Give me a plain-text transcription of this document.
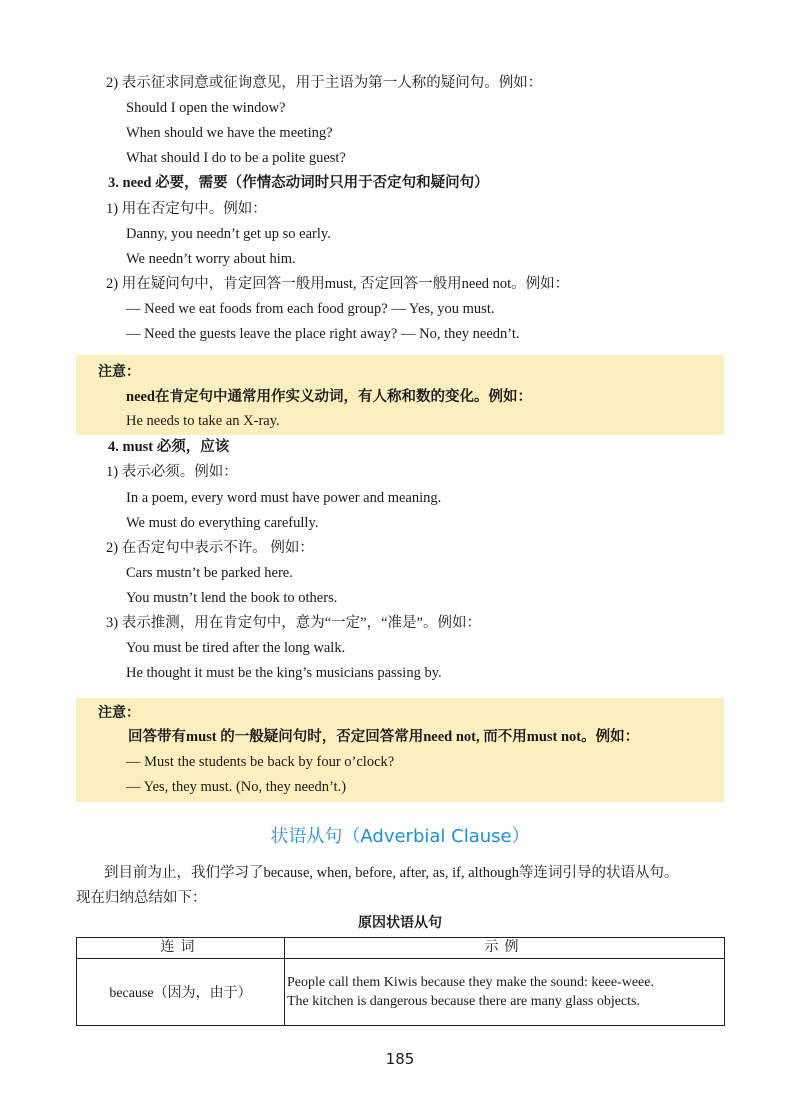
2) 表示征求同意或征询意见，用于主语为第一人称的疑问句。例如：
Should I open the window?
When should we have the meeting?
What should I do to be a polite guest?
3. need 必要，需要（作情态动词时只用于否定句和疑问句）
1) 用在否定句中。例如：
Danny, you needn’t get up so early.
We needn’t worry about him.
2) 用在疑问句中，肯定回答一般用must, 否定回答一般用need not。例如：
— Need we eat foods from each food group? — Yes, you must.
— Need the guests leave the place right away? — No, they needn’t.
注意：
need在肯定句中通常用作实义动词，有人称和数的变化。例如：
He needs to take an X-ray.
4. must 必须，应该
1) 表示必须。例如：
In a poem, every word must have power and meaning.
We must do everything carefully.
2) 在否定句中表示不许。 例如：
Cars mustn’t be parked here.
You mustn’t lend the book to others.
3) 表示推测，用在肯定句中，意为“一定”，“准是”。例如：
You must be tired after the long walk.
He thought it must be the king’s musicians passing by.
注意：
回答带有must 的一般疑问句时，否定回答常用need not, 而不用must not。例如：
— Must the students be back by four o’clock?
— Yes, they must. (No, they needn’t.)
状语从句（Adverbial Clause）
到目前为止，我们学习了because, when, before, after, as, if, although等连词引导的状语从句。
现在归纳总结如下：
原因状语从句
连词	示例
because（因为，由于）	People call them Kiwis because they make the sound: keee-weee.
The kitchen is dangerous because there are many glass objects.
185
